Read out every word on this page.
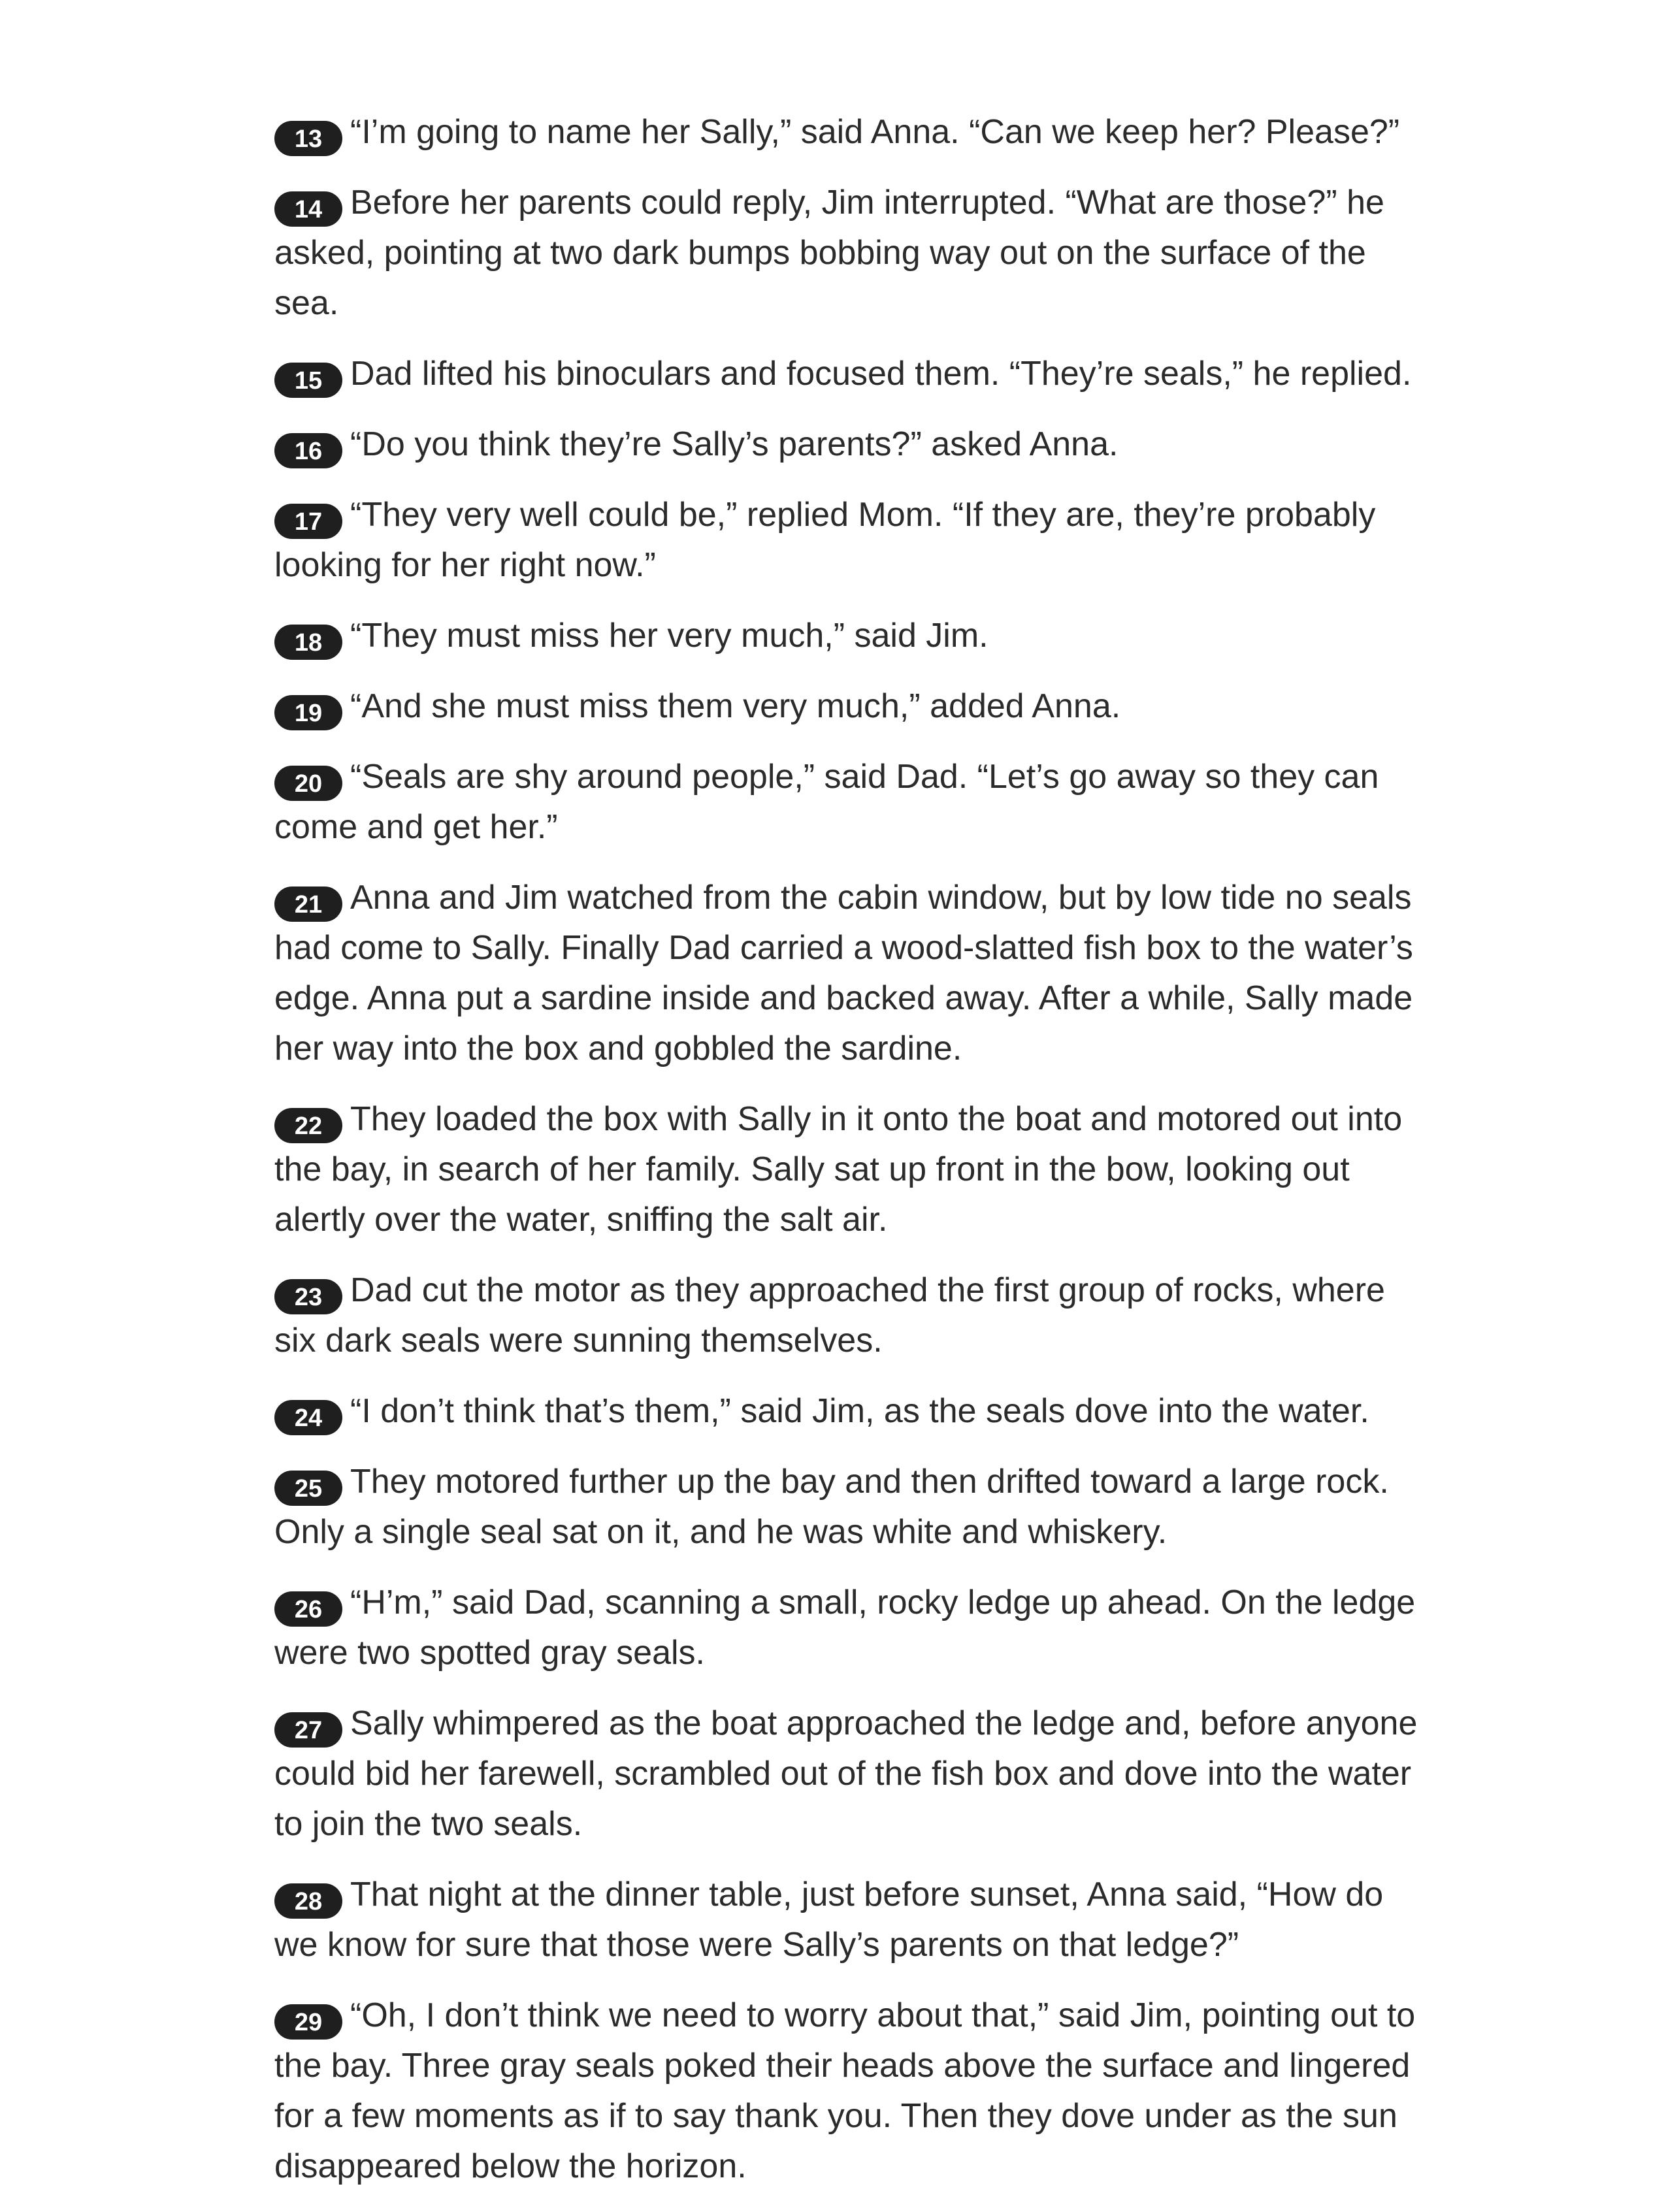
13 “I’m going to name her Sally,” said Anna. “Can we keep her? Please?”

14 Before her parents could reply, Jim interrupted. “What are those?” he asked, pointing at two dark bumps bobbing way out on the surface of the sea.

15 Dad lifted his binoculars and focused them. “They’re seals,” he replied.

16 “Do you think they’re Sally’s parents?” asked Anna.

17 “They very well could be,” replied Mom. “If they are, they’re probably looking for her right now.”

18 “They must miss her very much,” said Jim.

19 “And she must miss them very much,” added Anna.

20 “Seals are shy around people,” said Dad. “Let’s go away so they can come and get her.”

21 Anna and Jim watched from the cabin window, but by low tide no seals had come to Sally. Finally Dad carried a wood-slatted fish box to the water’s edge. Anna put a sardine inside and backed away. After a while, Sally made her way into the box and gobbled the sardine.

22 They loaded the box with Sally in it onto the boat and motored out into the bay, in search of her family. Sally sat up front in the bow, looking out alertly over the water, sniffing the salt air.

23 Dad cut the motor as they approached the first group of rocks, where six dark seals were sunning themselves.

24 “I don’t think that’s them,” said Jim, as the seals dove into the water.

25 They motored further up the bay and then drifted toward a large rock. Only a single seal sat on it, and he was white and whiskery.

26 “H’m,” said Dad, scanning a small, rocky ledge up ahead. On the ledge were two spotted gray seals.

27 Sally whimpered as the boat approached the ledge and, before anyone could bid her farewell, scrambled out of the fish box and dove into the water to join the two seals.

28 That night at the dinner table, just before sunset, Anna said, “How do we know for sure that those were Sally’s parents on that ledge?”

29 “Oh, I don’t think we need to worry about that,” said Jim, pointing out to the bay. Three gray seals poked their heads above the surface and lingered for a few moments as if to say thank you. Then they dove under as the sun disappeared below the horizon.
